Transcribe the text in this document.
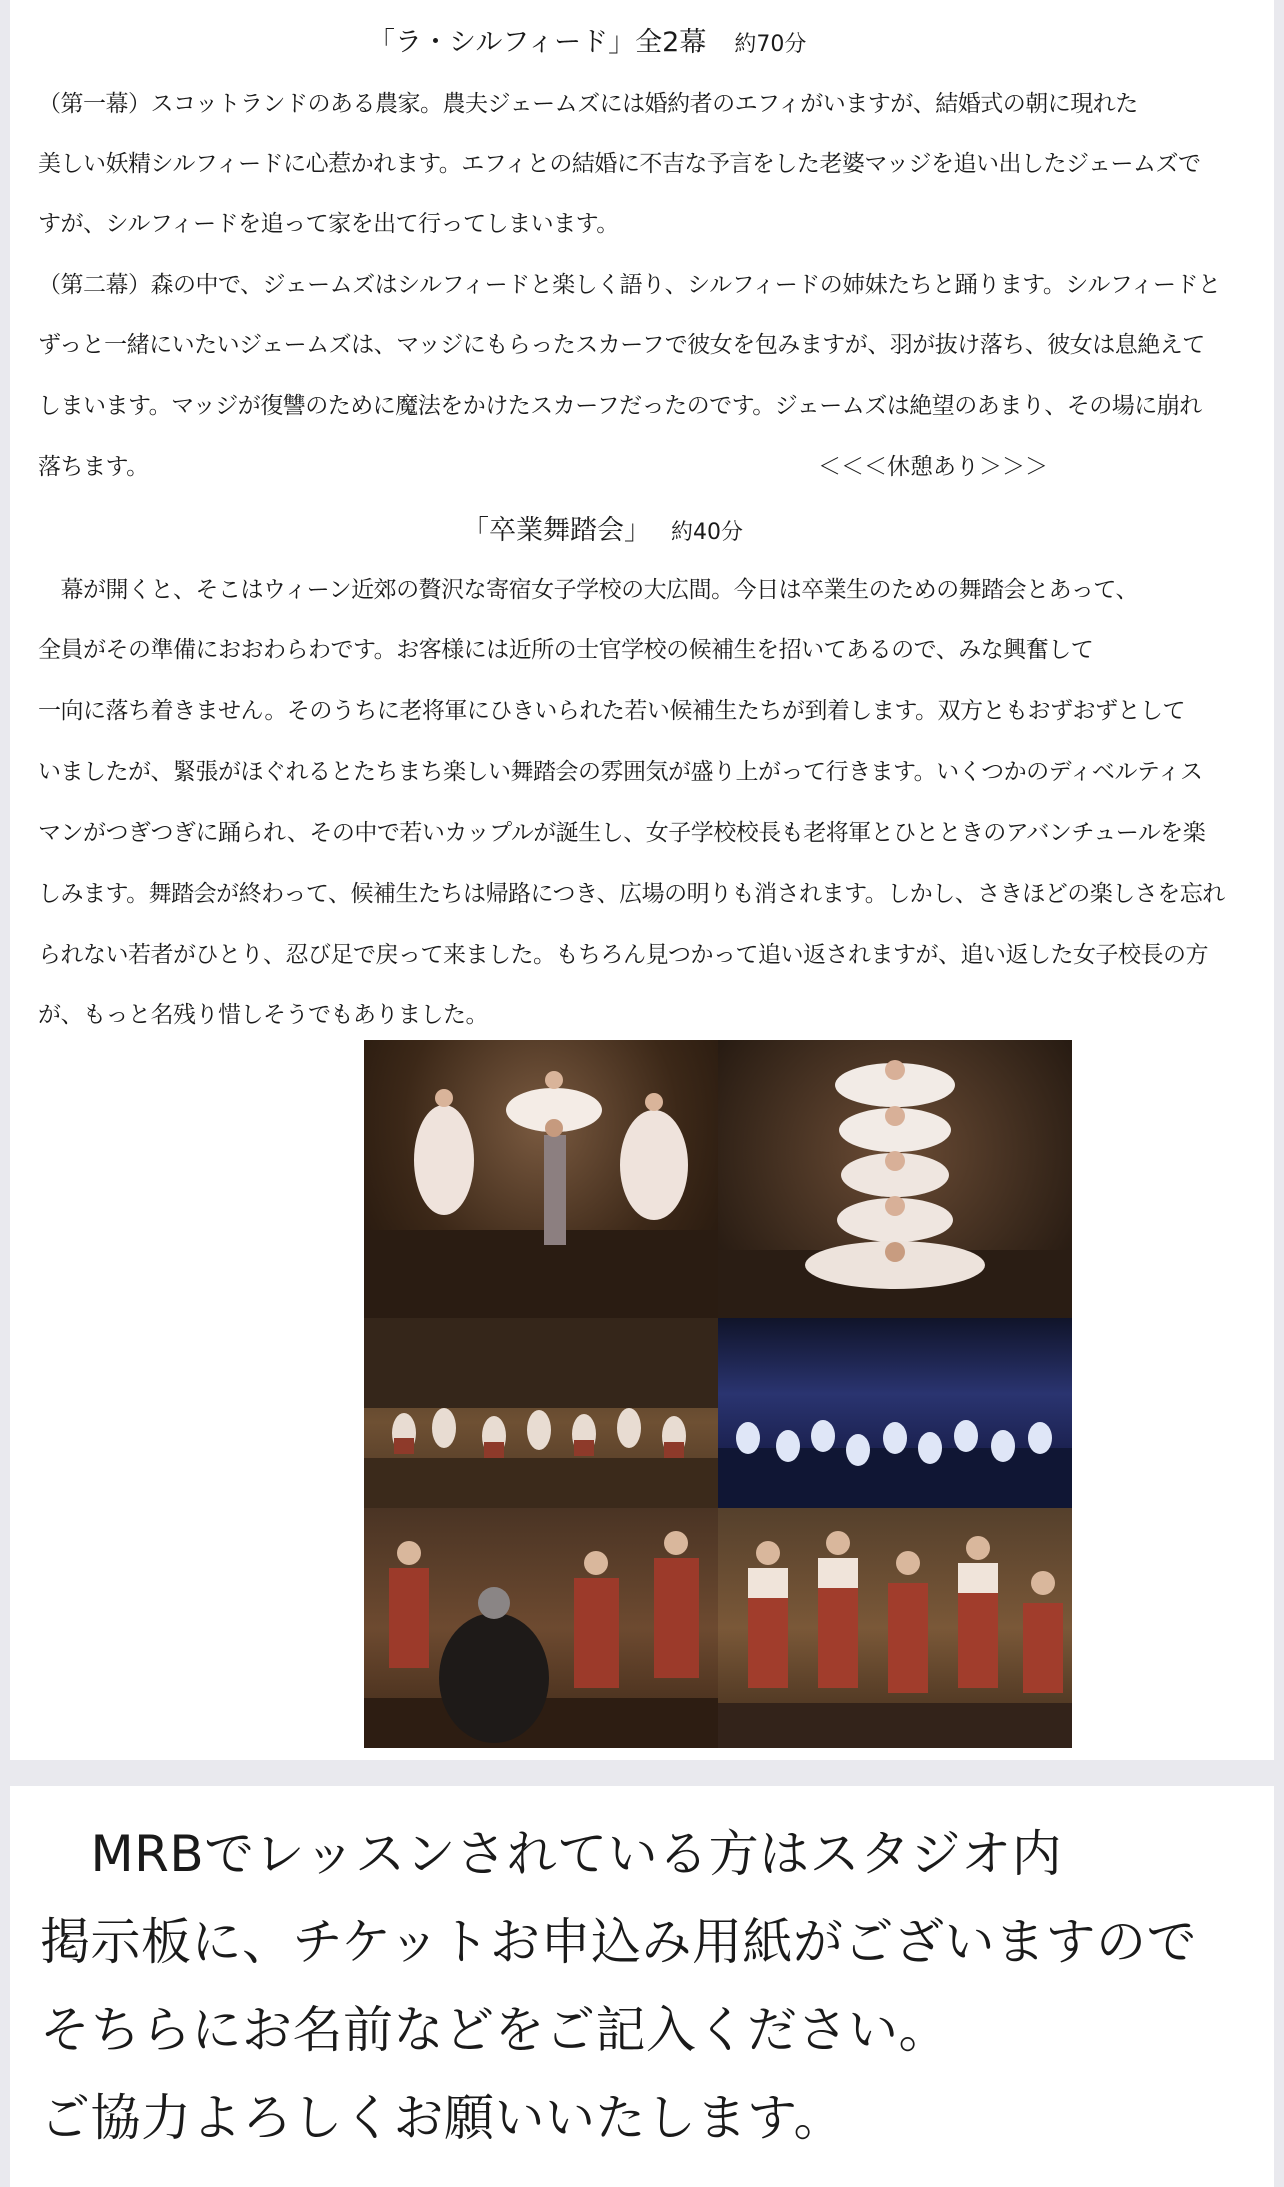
「ラ・シルフィード」全2幕 約70分
（第一幕）スコットランドのある農家。農夫ジェームズには婚約者のエフィがいますが、結婚式の朝に現れた
美しい妖精シルフィードに心惹かれます。エフィとの結婚に不吉な予言をした老婆マッジを追い出したジェームズで
すが、シルフィードを追って家を出て行ってしまいます。
（第二幕）森の中で、ジェームズはシルフィードと楽しく語り、シルフィードの姉妹たちと踊ります。シルフィードと
ずっと一緒にいたいジェームズは、マッジにもらったスカーフで彼女を包みますが、羽が抜け落ち、彼女は息絶えて
しまいます。マッジが復讐のために魔法をかけたスカーフだったのです。ジェームズは絶望のあまり、その場に崩れ
落ちます。	＜＜＜休憩あり＞＞＞
「卒業舞踏会」 約40分
　幕が開くと、そこはウィーン近郊の贅沢な寄宿女子学校の大広間。今日は卒業生のための舞踏会とあって、
全員がその準備におおわらわです。お客様には近所の士官学校の候補生を招いてあるので、みな興奮して
一向に落ち着きません。そのうちに老将軍にひきいられた若い候補生たちが到着します。双方ともおずおずとして
いましたが、緊張がほぐれるとたちまち楽しい舞踏会の雰囲気が盛り上がって行きます。いくつかのディベルティス
マンがつぎつぎに踊られ、その中で若いカップルが誕生し、女子学校校長も老将軍とひとときのアバンチュールを楽
しみます。舞踏会が終わって、候補生たちは帰路につき、広場の明りも消されます。しかし、さきほどの楽しさを忘れ
られない若者がひとり、忍び足で戻って来ました。もちろん見つかって追い返されますが、追い返した女子校長の方
が、もっと名残り惜しそうでもありました。
　MRBでレッスンされている方はスタジオ内
掲示板に、チケットお申込み用紙がございますので
そちらにお名前などをご記入ください。
ご協力よろしくお願いいたします。
